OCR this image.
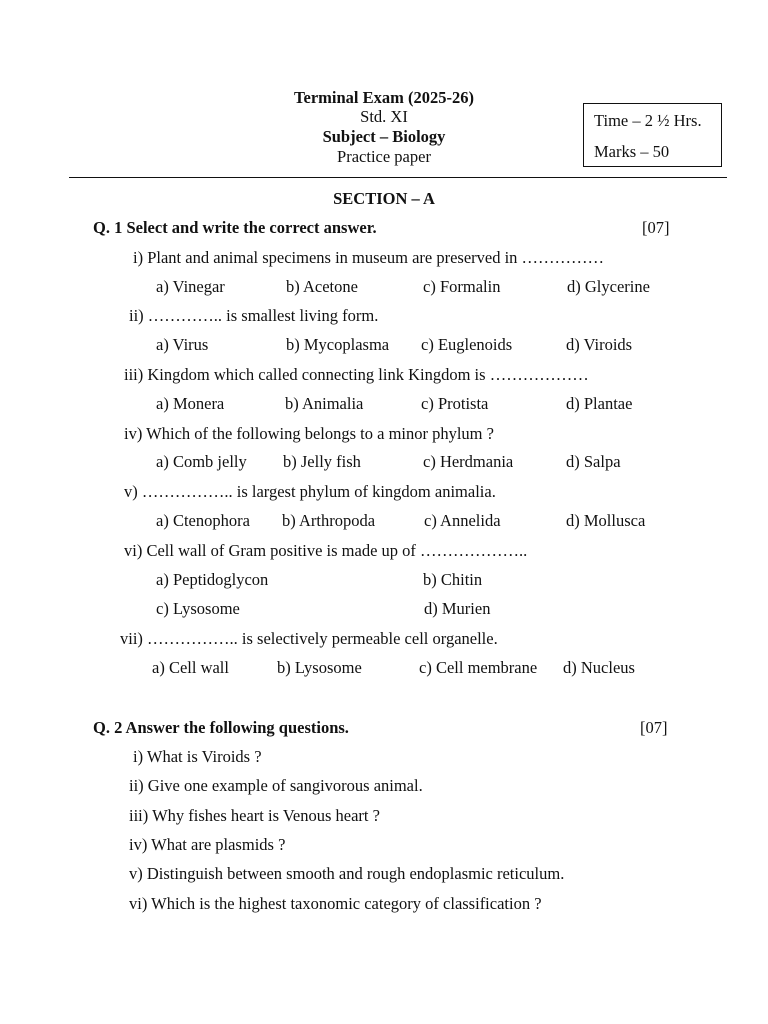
Terminal Exam (2025-26)
Std. XI
Subject – Biology
Practice paper
Time – 2 ½ Hrs.
Marks – 50
SECTION – A
Q. 1 Select and write the correct answer.	[07]
i) Plant and animal specimens in museum are preserved in ……………
a) Vinegar	b) Acetone	c) Formalin	d) Glycerine
ii) ………….. is smallest living form.
a) Virus	b) Mycoplasma c) Euglenoids	d) Viroids
iii) Kingdom which called connecting link Kingdom is ………………
a) Monera	b) Animalia	c) Protista	d) Plantae
iv) Which of the following belongs to a minor phylum ?
a) Comb jelly b) Jelly fish	c) Herdmania	d) Salpa
v) …………….. is largest phylum of kingdom animalia.
a) Ctenophora b) Arthropoda	c) Annelida	d) Mollusca
vi) Cell wall of Gram positive is made up of ………………..
a) Peptidoglycon	b) Chitin
c) Lysosome	d) Murien
vii) …………….. is selectively permeable cell organelle.
a) Cell wall	b) Lysosome	c) Cell membrane d) Nucleus
Q. 2 Answer the following questions.	[07]
i) What is Viroids ?
ii) Give one example of sangivorous animal.
iii) Why fishes heart is Venous heart ?
iv) What are plasmids ?
v) Distinguish between smooth and rough endoplasmic reticulum.
vi) Which is the highest taxonomic category of classification ?
